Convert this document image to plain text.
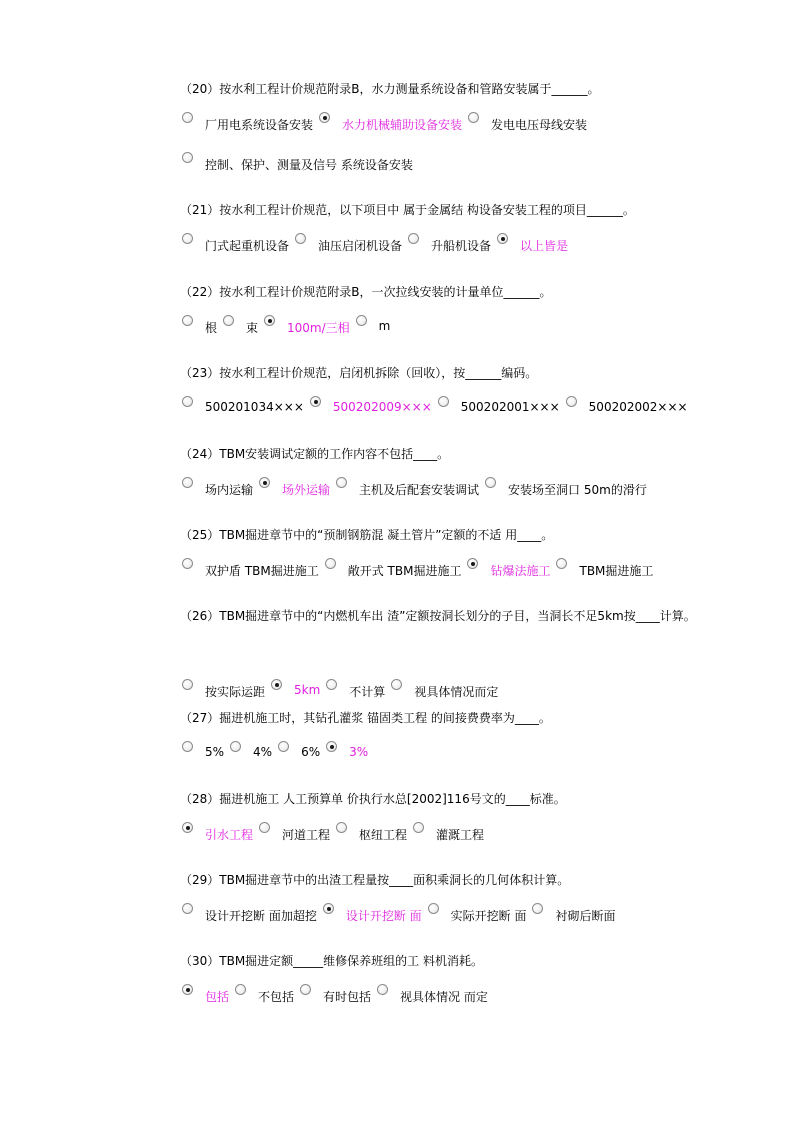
（20）按水利工程计价规范附录B，水力测量系统设备和管路安装属于______。
厂用电系统设备安装 水力机械辅助设备安装 发电电压母线安装
控制、保护、测量及信号 系统设备安装
（21）按水利工程计价规范，以下项目中 属于金属结 构设备安装工程的项目______。
门式起重机设备 油压启闭机设备 升船机设备 以上皆是
（22）按水利工程计价规范附录B，一次拉线安装的计量单位______。
根 束 100m/三相 m
（23）按水利工程计价规范，启闭机拆除（回收），按______编码。
500201034××× 500202009××× 500202001××× 500202002×××
（24）TBM安装调试定额的工作内容不包括____。
场内运输 场外运输 主机及后配套安装调试 安装场至洞口 50m的滑行
（25）TBM掘进章节中的“预制钢筋混 凝土管片”定额的不适 用____。
双护盾 TBM掘进施工 敞开式 TBM掘进施工 钻爆法施工 TBM掘进施工
（26）TBM掘进章节中的“内燃机车出 渣”定额按洞长划分的子目，当洞长不足5km按____计算。
按实际运距 5km 不计算 视具体情况而定
（27）掘进机施工时，其钻孔灌浆 锚固类工程 的间接费费率为____。
5% 4% 6% 3%
（28）掘进机施工 人工预算单 价执行水总[2002]116号文的____标准。
引水工程 河道工程 枢纽工程 灌溉工程
（29）TBM掘进章节中的出渣工程量按____面积乘洞长的几何体积计算。
设计开挖断 面加超挖 设计开挖断 面 实际开挖断 面 衬砌后断面
（30）TBM掘进定额_____维修保养班组的工 料机消耗。
包括 不包括 有时包括 视具体情况 而定
